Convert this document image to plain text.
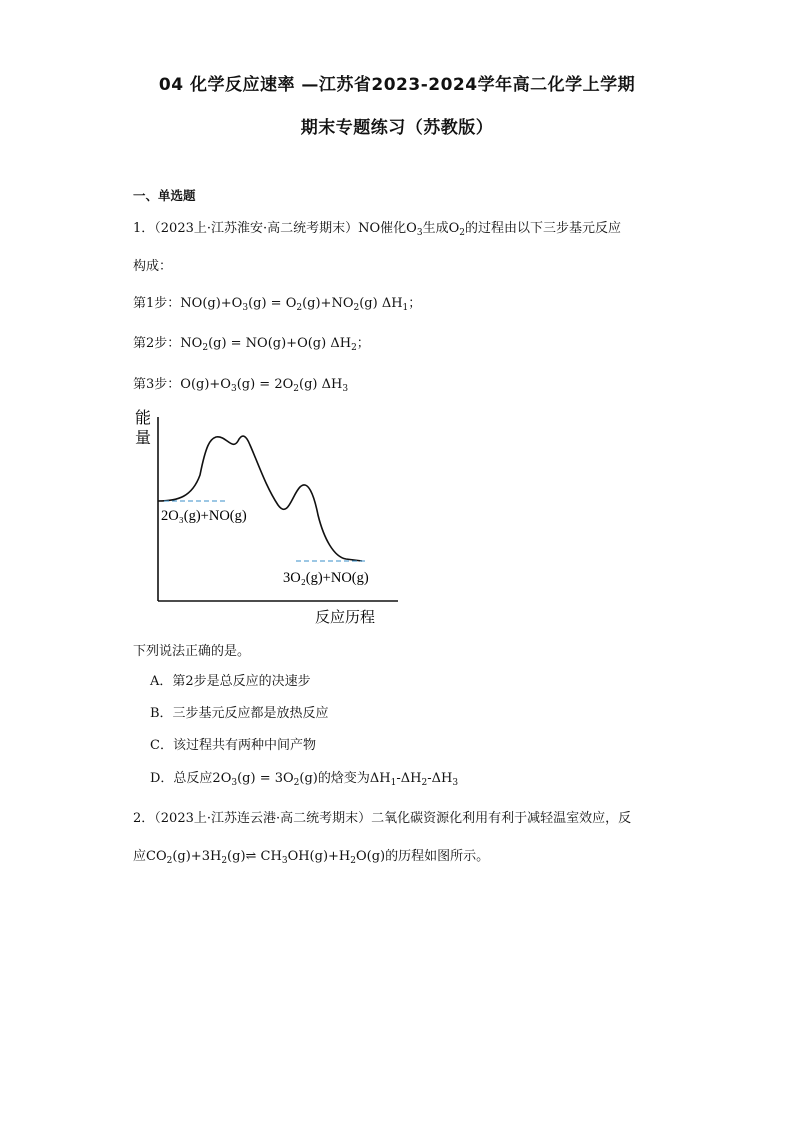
04 化学反应速率 —江苏省2023-2024学年高二化学上学期
期末专题练习（苏教版）
一、单选题
1．（2023上·江苏淮安·高二统考期末）NO催化$O_3$生成$O_2$的过程由以下三步基元反应
构成：
第1步：$NO(g)+O_3(g) = O_2(g)+NO_2(g)$ $\Delta H_1$；
第2步：$NO_2(g) = NO(g)+O(g)$ $\Delta H_2$；
第3步：$O(g)+O_3(g) = 2O_2(g)$ $\Delta H_3$
能
量
2O₃(g)+NO(g)
3O₂(g)+NO(g)
反应历程
下列说法正确的是。
A．第2步是总反应的决速步
B．三步基元反应都是放热反应
C．该过程共有两种中间产物
D．总反应$2O_3(g) = 3O_2(g)$的焓变为$\Delta H_1-\Delta H_2-\Delta H_3$
2．（2023上·江苏连云港·高二统考期末）二氧化碳资源化利用有利于减轻温室效应，反
应$CO_2(g)+3H_2(g)\rightleftharpoons$ $CH_3OH(g)+H_2O(g)$的历程如图所示。
